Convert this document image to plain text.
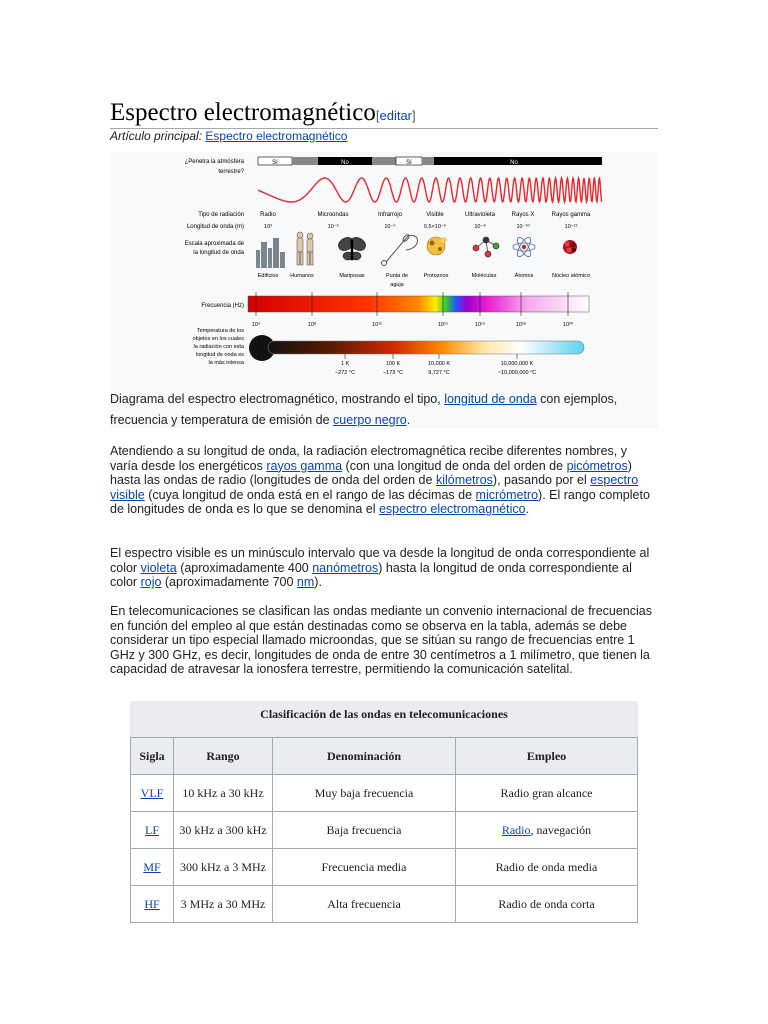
Espectro electromagnético[editar]
Artículo principal: Espectro electromagnético
¿Penetra la atmósfera
terrestre?
Sí	No	Sí	No
Tipo de radiación
Longitud de onda (m)
Radio	Microondas	Infrarrojo	Visible	Ultravioleta	Rayos X	Rayos gamma
10³	10⁻²	10⁻⁵	0.5×10⁻⁶	10⁻⁸	10⁻¹⁰	10⁻¹²
Escala aproximada de
la longitud de onda
Edificios Humanos	Mariposas	Punta de
aguja
Protozoos	Moléculas	Átomos	Núcleo atómico
Frecuencia (Hz)
10⁴	10⁸	10¹²	10¹⁵	10¹⁶	10¹⁸	10²⁰
Temperatura de los
objetos en los cuales
la radiación con esta
longitud de onda es
la más intensa	1 K	100 K	10,000 K	10,000,000 K
−272 °C	−173 °C	9,727 °C	~10,000,000 °C
Diagrama del espectro electromagnético, mostrando el tipo, longitud de onda con ejemplos, frecuencia y temperatura de emisión de cuerpo negro.
Atendiendo a su longitud de onda, la radiación electromagnética recibe diferentes nombres, y varía desde los energéticos rayos gamma (con una longitud de onda del orden de picómetros) hasta las ondas de radio (longitudes de onda del orden de kilómetros), pasando por el espectro visible (cuya longitud de onda está en el rango de las décimas de micrómetro). El rango completo de longitudes de onda es lo que se denomina el espectro electromagnético.
El espectro visible es un minúsculo intervalo que va desde la longitud de onda correspondiente al color violeta (aproximadamente 400 nanómetros) hasta la longitud de onda correspondiente al color rojo (aproximadamente 700 nm).
En telecomunicaciones se clasifican las ondas mediante un convenio internacional de frecuencias en función del empleo al que están destinadas como se observa en la tabla, además se debe considerar un tipo especial llamado microondas, que se sitúan su rango de frecuencias entre 1 GHz y 300 GHz, es decir, longitudes de onda de entre 30 centímetros a 1 milímetro, que tienen la capacidad de atravesar la ionosfera terrestre, permitiendo la comunicación satelital.
Clasificación de las ondas en telecomunicaciones
Sigla	Rango	Denominación	Empleo
VLF	10 kHz a 30 kHz	Muy baja frecuencia	Radio gran alcance
LF	30 kHz a 300 kHz	Baja frecuencia	Radio, navegación
MF	300 kHz a 3 MHz	Frecuencia media	Radio de onda media
HF	3 MHz a 30 MHz	Alta frecuencia	Radio de onda corta
